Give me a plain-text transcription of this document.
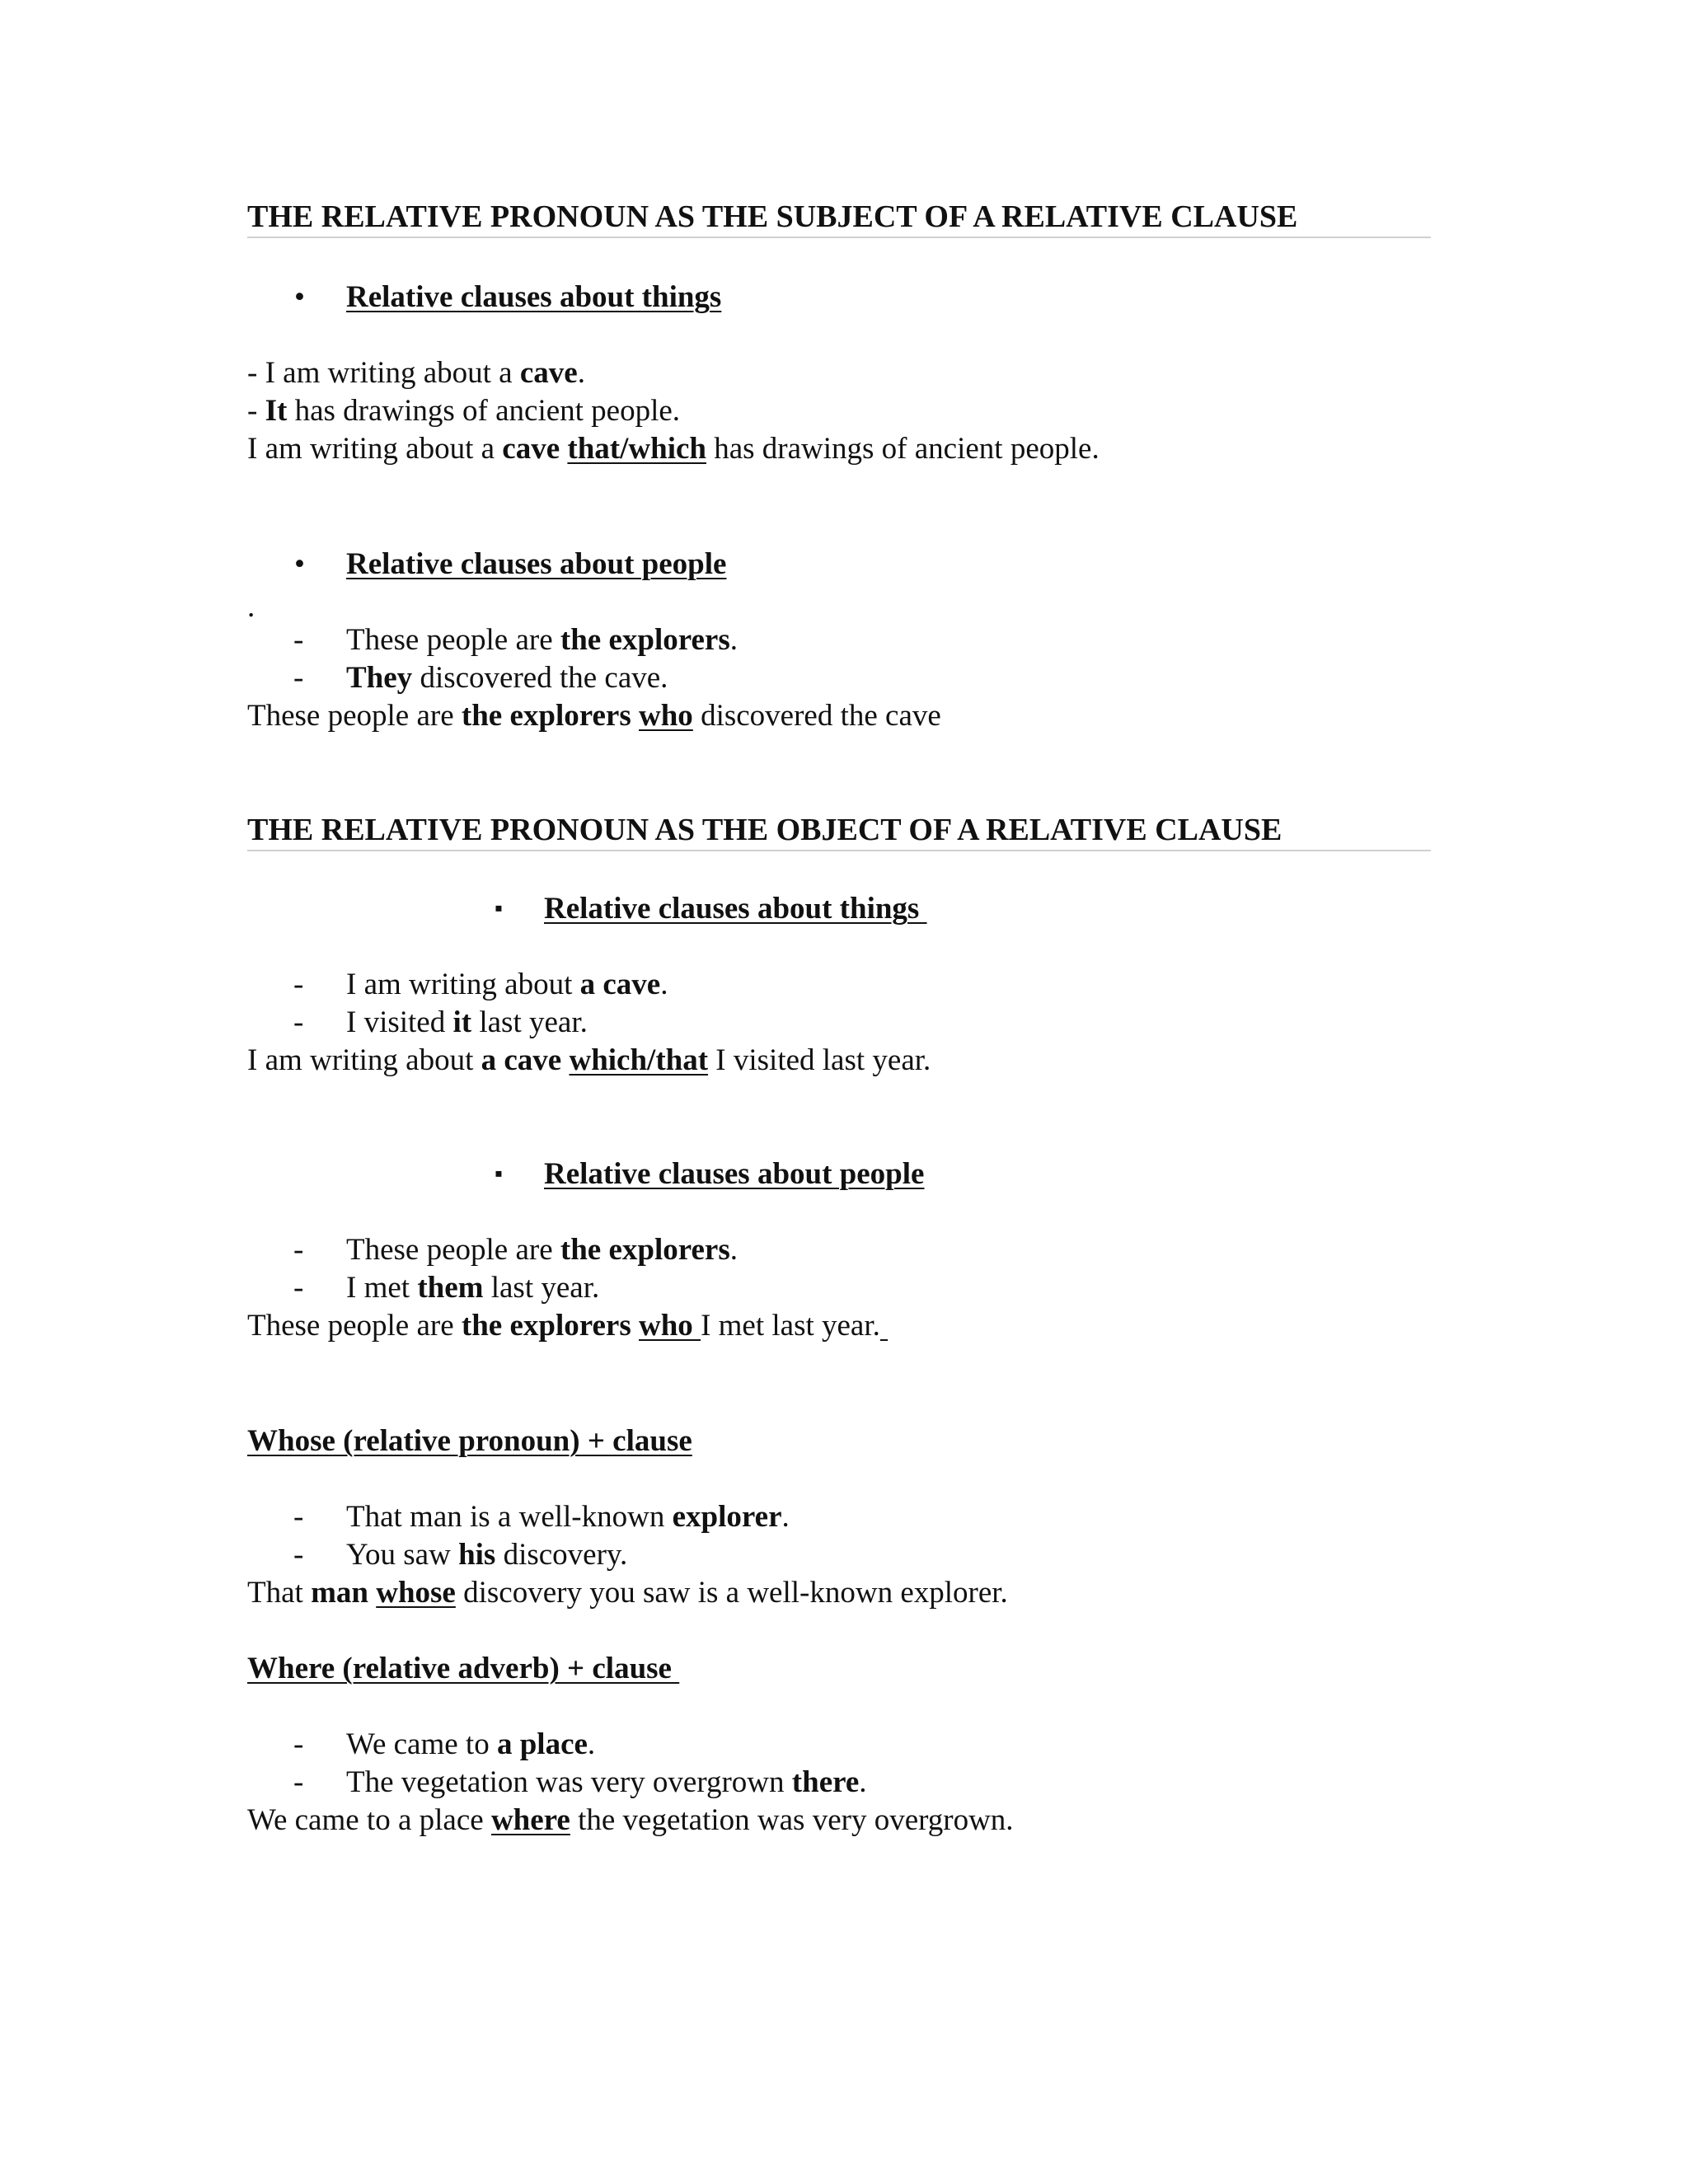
THE RELATIVE PRONOUN AS THE SUBJECT OF A RELATIVE CLAUSE
• Relative clauses about things
- I am writing about a cave.
- It has drawings of ancient people.
I am writing about a cave that/which has drawings of ancient people.
• Relative clauses about people
.
- These people are the explorers.
- They discovered the cave.
These people are the explorers who discovered the cave
THE RELATIVE PRONOUN AS THE OBJECT OF A RELATIVE CLAUSE
▪ Relative clauses about things
- I am writing about a cave.
- I visited it last year.
I am writing about a cave which/that I visited last year.
▪ Relative clauses about people
- These people are the explorers.
- I met them last year.
These people are the explorers who I met last year.
Whose (relative pronoun) + clause
- That man is a well-known explorer.
- You saw his discovery.
That man whose discovery you saw is a well-known explorer.
Where (relative adverb) + clause
- We came to a place.
- The vegetation was very overgrown there.
We came to a place where the vegetation was very overgrown.
